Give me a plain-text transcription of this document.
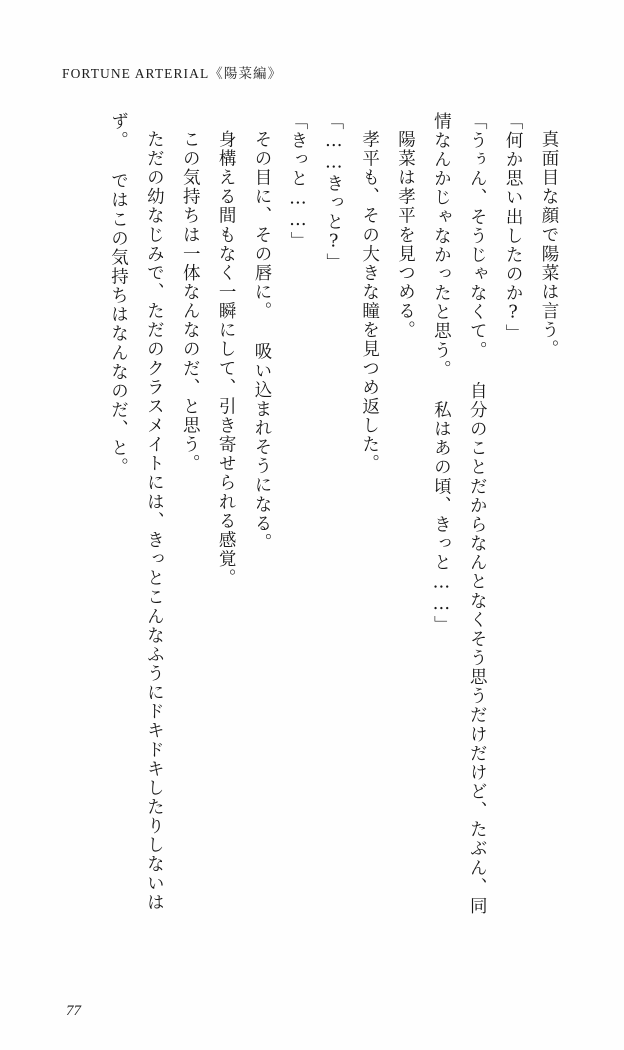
FORTUNE ARTERIAL《陽菜編》

真面目な顔で陽菜は言う。

「何か思い出したのか?」

「うぅん、そうじゃなくて。 自分のことだからなんとなくそう思うだけだけど、たぶん、同情なんかじゃなかったと思う。 私はあの頃、きっと……」

陽菜は孝平を見つめる。

孝平も、その大きな瞳を見つめ返した。

「……きっと?」

「きっと……」

その目に、その唇に。 吸い込まれそうになる。

身構える間もなく一瞬にして、引き寄せられる感覚。

この気持ちは一体なんなのだ、と思う。

ただの幼なじみで、ただのクラスメイトには、きっとこんなふうにドキドキしたりしないはず。 ではこの気持ちはなんなのだ、と。

77
